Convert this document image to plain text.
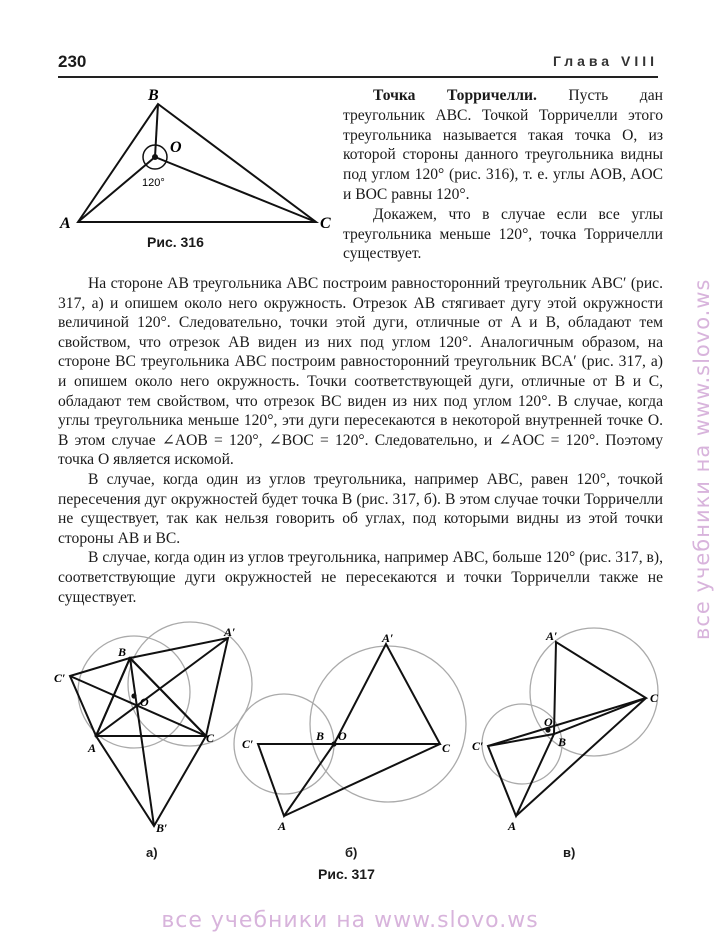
230	Глава VIII
B
O
A	C
120°
Рис. 316

Точка Торричелли. Пусть дан треугольник ABC. Точкой Торричелли этого треугольника называется такая точка O, из которой стороны данного треугольника видны под углом 120° (рис. 316), т. е. углы AOB, AOC и BOC равны 120°.

Докажем, что в случае если все углы треугольника меньше 120°, точка Торричелли существует.

На стороне AB треугольника ABC построим равносторонний треугольник ABC′ (рис. 317, а) и опишем около него окружность. Отрезок AB стягивает дугу этой окружности величиной 120°. Следовательно, точки этой дуги, отличные от A и B, обладают тем свойством, что отрезок AB виден из них под углом 120°. Аналогичным образом, на стороне BC треугольника ABC построим равносторонний треугольник BCA′ (рис. 317, а) и опишем около него окружность. Точки соответствующей дуги, отличные от B и C, обладают тем свойством, что отрезок BC виден из них под углом 120°. В случае, когда углы треугольника меньше 120°, эти дуги пересекаются в некоторой внутренней точке O. В этом случае ∠AOB = 120°, ∠BOC = 120°. Следовательно, и ∠AOC = 120°. Поэтому точка O является искомой.

В случае, когда один из углов треугольника, например ABC, равен 120°, точкой пересечения дуг окружностей будет точка B (рис. 317, б). В этом случае точки Торричелли не существует, так как нельзя говорить об углах, под которыми видны из этой точки стороны AB и BC.

В случае, когда один из углов треугольника, например ABC, больше 120° (рис. 317, в), соответствующие дуги окружностей не пересекаются и точки Торричелли также не существует.

C′
B
A′
O
A
C
B′
C′
B O
A′
C
A
C′
O
B
A′
C
A
а)	б)	в)
Рис. 317
все учебники на www.slovo.ws
все учебники на www.slovo.ws
